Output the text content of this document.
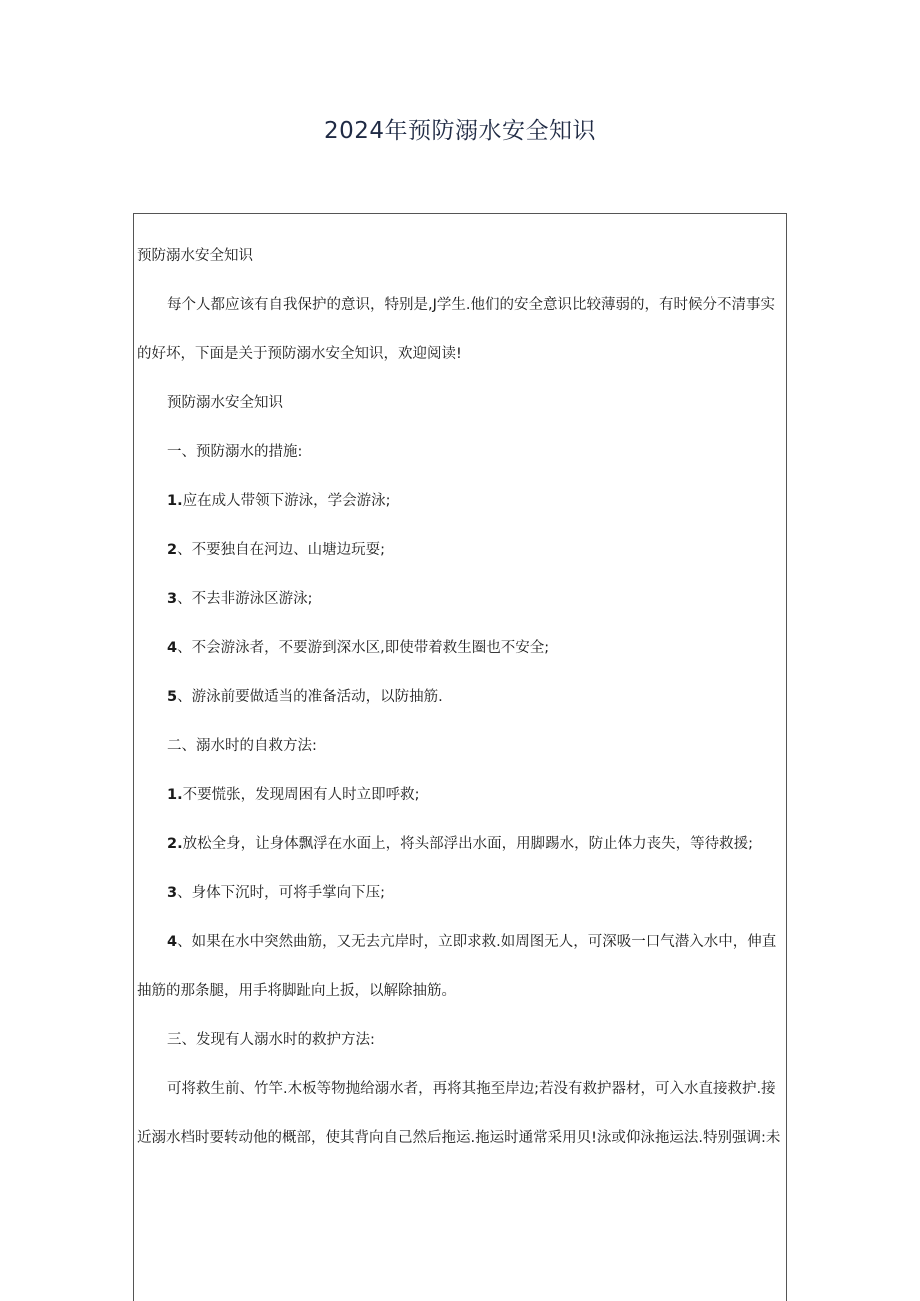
2024年预防溺水安全知识

预防溺水安全知识

每个人都应该有自我保护的意识，特别是,J学生.他们的安全意识比较薄弱的，有时候分不清事实的好坏，下面是关于预防溺水安全知识，欢迎阅读!

预防溺水安全知识

一、预防溺水的措施:

1.应在成人带领下游泳，学会游泳;

2、不要独自在河边、山塘边玩耍;

3、不去非游泳区游泳;

4、不会游泳者，不要游到深水区,即使带着救生圈也不安全;

5、游泳前要做适当的准备活动，以防抽筋.

二、溺水时的自救方法:

1.不要慌张，发现周困有人时立即呼救;

2.放松全身，让身体飘浮在水面上，将头部浮出水面，用脚踢水，防止体力丧失，等待救援;

3、身体下沉时，可将手掌向下压;

4、如果在水中突然曲筋，又无去亢岸时，立即求救.如周图无人，可深吸一口气潜入水中，伸直抽筋的那条腿，用手将脚趾向上扳，以解除抽筋。

三、发现有人溺水时的救护方法:

可将救生前、竹竿.木板等物抛给溺水者，再将其拖至岸边;若没有救护器材，可入水直接救护.接近溺水档时要转动他的概部，使其背向自己然后拖运.拖运时通常采用贝!泳或仰泳拖运法.特别强调:未
